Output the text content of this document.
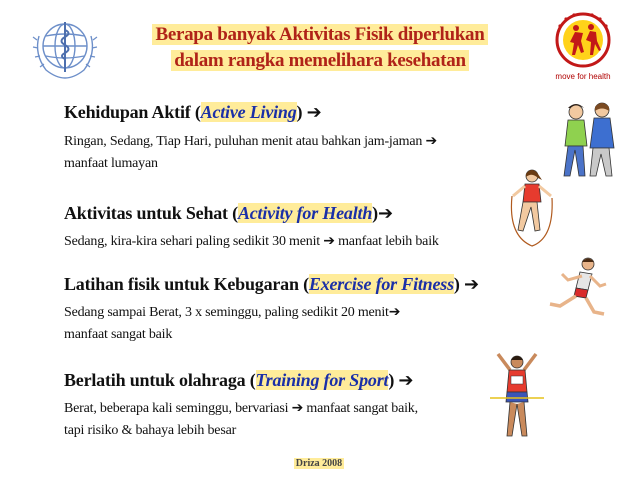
Berapa banyak Aktivitas Fisik diperlukan
dalam rangka memelihara kesehatan
move for health
Kehidupan Aktif (Active Living) ➔
Ringan, Sedang, Tiap Hari, puluhan menit atau bahkan jam-jaman ➔
manfaat lumayan
Aktivitas untuk Sehat (Activity for Health)➔
Sedang, kira-kira sehari paling sedikit 30 menit ➔ manfaat lebih baik
Latihan fisik untuk Kebugaran (Exercise for Fitness) ➔
Sedang sampai Berat, 3 x seminggu, paling sedikit 20 menit➔
manfaat sangat baik
Berlatih untuk olahraga (Training for Sport) ➔
Berat, beberapa kali seminggu, bervariasi ➔ manfaat sangat baik,
tapi risiko & bahaya lebih besar
Driza 2008
